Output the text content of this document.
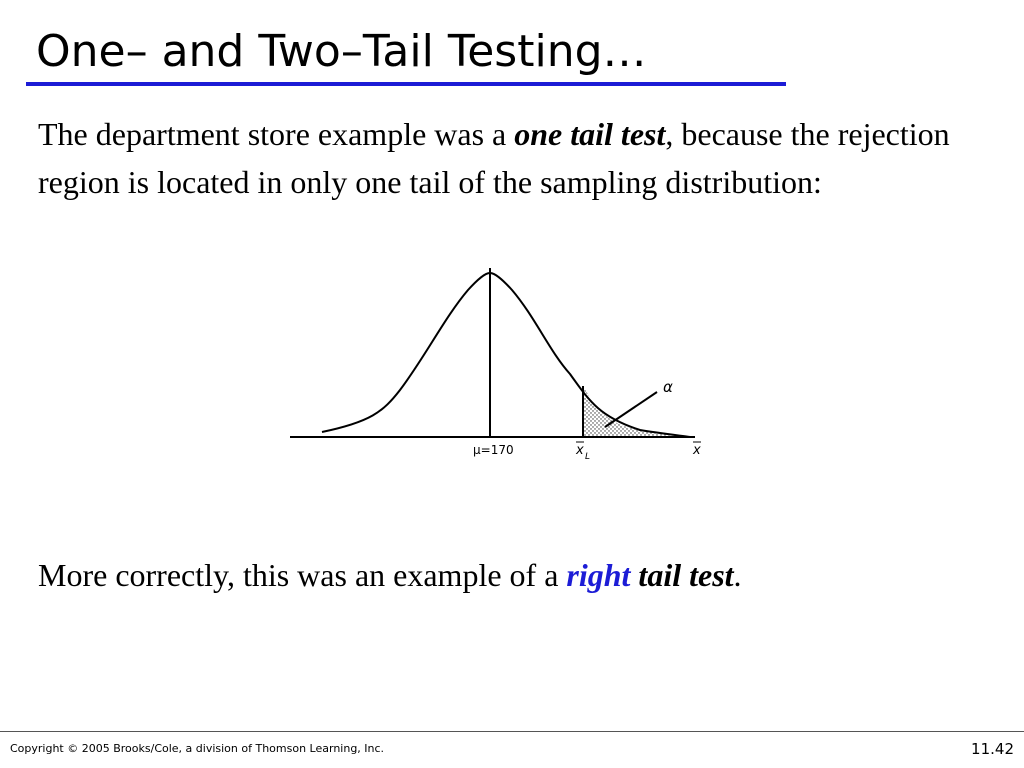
One– and Two–Tail Testing…

The department store example was a one tail test, because the rejection region is located in only one tail of the sampling distribution:

α
μ=170	x L	x

More correctly, this was an example of a right tail test.

Copyright © 2005 Brooks/Cole, a division of Thomson Learning, Inc.	11.42
